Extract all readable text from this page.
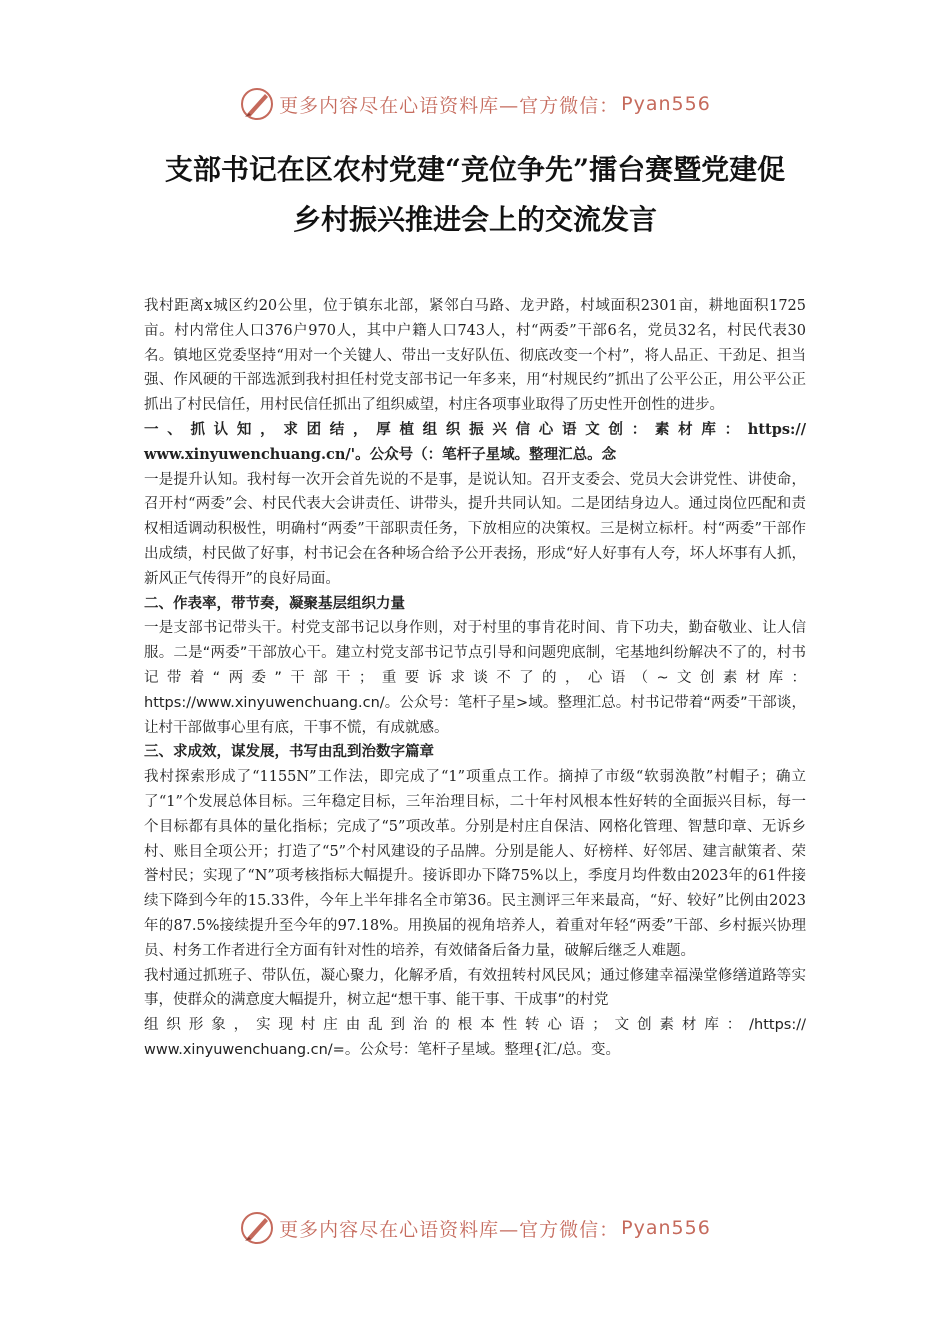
更多内容尽在心语资料库—官方微信： Pyan556
支部书记在区农村党建“竞位争先”擂台赛暨党建促
乡村振兴推进会上的交流发言

我村距离x城区约20公里，位于镇东北部，紧邻白马路、龙尹路，村域面积2301亩，耕地面积1725亩。村内常住人口376户970人，其中户籍人口743人，村“两委”干部6名，党员32名，村民代表30名。镇地区党委坚持“用对一个关键人、带出一支好队伍、彻底改变一个村”，将人品正、干劲足、担当强、作风硬的干部选派到我村担任村党支部书记一年多来，用“村规民约”抓出了公平公正，用公平公正抓出了村民信任，用村民信任抓出了组织威望，村庄各项事业取得了历史性开创性的进步。

一、抓认知，求团结，厚植组织振兴信心语文创：素材库：https://

www.xinyuwenchuang.cn/'。公众号（：笔杆子星域。整理汇总。念

一是提升认知。我村每一次开会首先说的不是事，是说认知。召开支委会、党员大会讲党性、讲使命，召开村“两委”会、村民代表大会讲责任、讲带头，提升共同认知。二是团结身边人。通过岗位匹配和责权相适调动积极性，明确村“两委”干部职责任务，下放相应的决策权。三是树立标杆。村“两委”干部作出成绩，村民做了好事，村书记会在各种场合给予公开表扬，形成“好人好事有人夸，坏人坏事有人抓，新风正气传得开”的良好局面。

二、作表率，带节奏，凝聚基层组织力量

一是支部书记带头干。村党支部书记以身作则，对于村里的事肯花时间、肯下功夫，勤奋敬业、让人信服。二是“两委”干部放心干。建立村党支部书记节点引导和问题兜底制，宅基地纠纷解决不了的，村书记带着“两委”干部干；重要诉求谈不了的，心语（~文创素材库：https://www.xinyuwenchuang.cn/。公众号：笔杆子星>域。整理汇总。村书记带着“两委”干部谈，让村干部做事心里有底，干事不慌，有成就感。

三、求成效，谋发展，书写由乱到治数字篇章

我村探索形成了“1155N”工作法，即完成了“1”项重点工作。摘掉了市级“软弱涣散”村帽子；确立了“1”个发展总体目标。三年稳定目标，三年治理目标，二十年村风根本性好转的全面振兴目标，每一个目标都有具体的量化指标；完成了“5”项改革。分别是村庄自保洁、网格化管理、智慧印章、无诉乡村、账目全项公开；打造了“5”个村风建设的子品牌。分别是能人、好榜样、好邻居、建言献策者、荣誉村民；实现了“N”项考核指标大幅提升。接诉即办下降75%以上，季度月均件数由2023年的61件接续下降到今年的15.33件，今年上半年排名全市第36。民主测评三年来最高，“好、较好”比例由2023年的87.5%接续提升至今年的97.18%。用换届的视角培养人，着重对年轻“两委”干部、乡村振兴协理员、村务工作者进行全方面有针对性的培养，有效储备后备力量，破解后继乏人难题。

我村通过抓班子、带队伍，凝心聚力，化解矛盾，有效扭转村风民风；通过修建幸福澡堂修缮道路等实事，使群众的满意度大幅提升，树立起“想干事、能干事、干成事”的村党

组织形象，实现村庄由乱到治的根本性转心语；文创素材库：/https://

www.xinyuwenchuang.cn/=。公众号：笔杆子星域。整理{汇/总。变。

更多内容尽在心语资料库—官方微信： Pyan556
